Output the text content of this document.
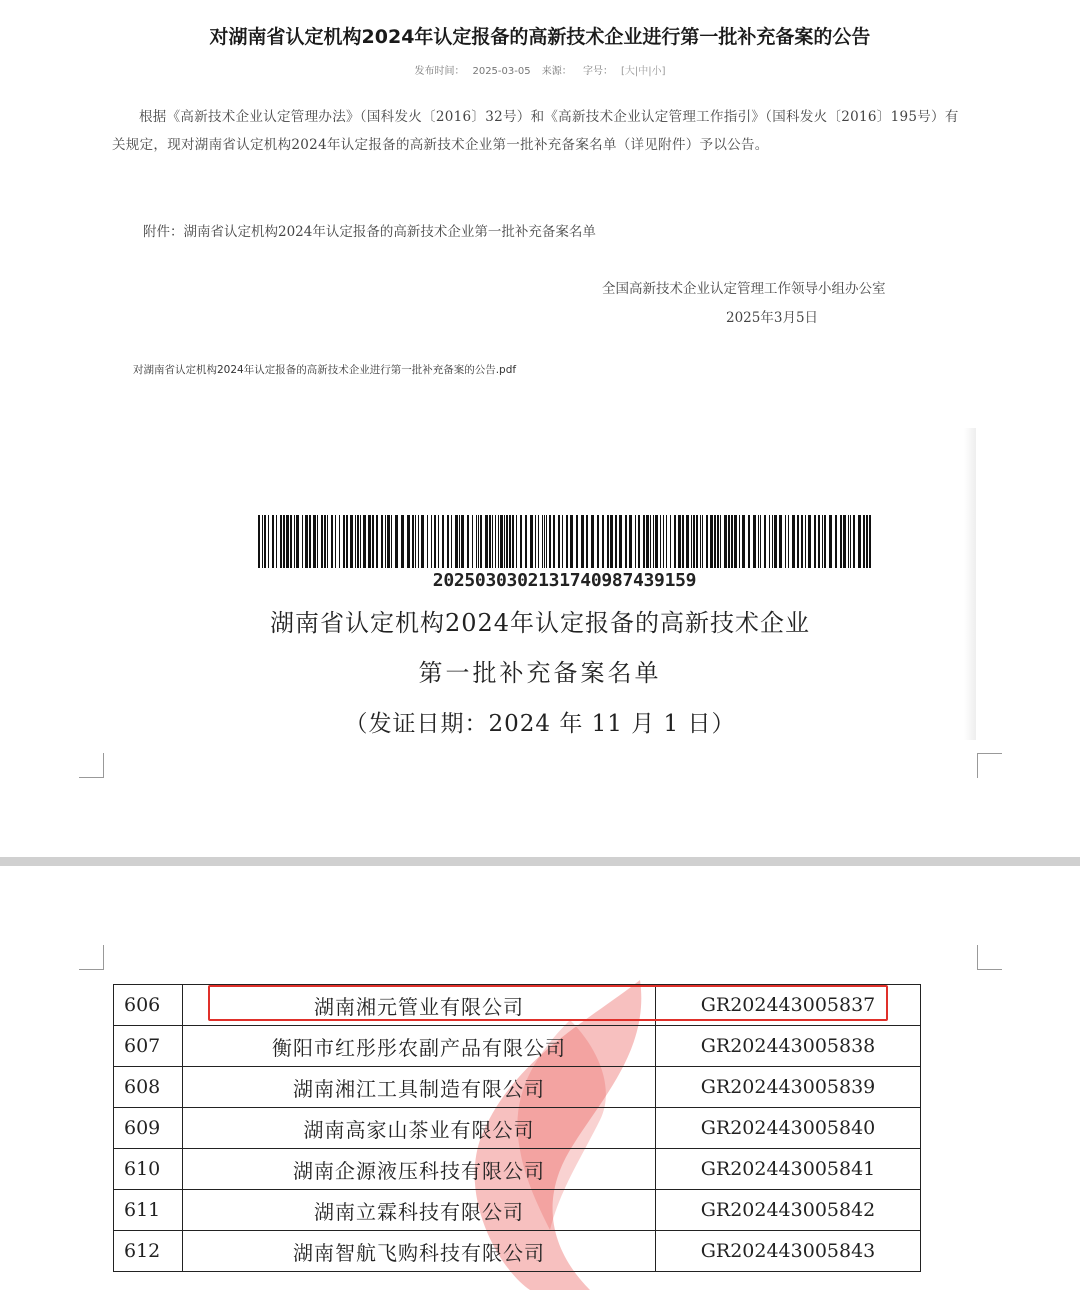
对湖南省认定机构2024年认定报备的高新技术企业进行第一批补充备案的公告
发布时间： 2025-03-05 来源： 字号： [大|中|小]
根据《高新技术企业认定管理办法》（国科发火〔2016〕32号）和《高新技术企业认定管理工作指引》（国科发火〔2016〕195号）有关规定，现对湖南省认定机构2024年认定报备的高新技术企业第一批补充备案名单（详见附件）予以公告。
附件：湖南省认定机构2024年认定报备的高新技术企业第一批补充备案名单
全国高新技术企业认定管理工作领导小组办公室
2025年3月5日
对湖南省认定机构2024年认定报备的高新技术企业进行第一批补充备案的公告.pdf
202503030213174098743915​9
湖南省认定机构2024年认定报备的高新技术企业
第一批补充备案名单
（发证日期：2024 年 11 月 1 日）
606	湖南湘元管业有限公司	GR202443005837
607	衡阳市红彤彤农副产品有限公司	GR202443005838
608	湖南湘江工具制造有限公司	GR202443005839
609	湖南高家山茶业有限公司	GR202443005840
610	湖南企源液压科技有限公司	GR202443005841
611	湖南立霖科技有限公司	GR202443005842
612	湖南智航飞购科技有限公司	GR202443005843
